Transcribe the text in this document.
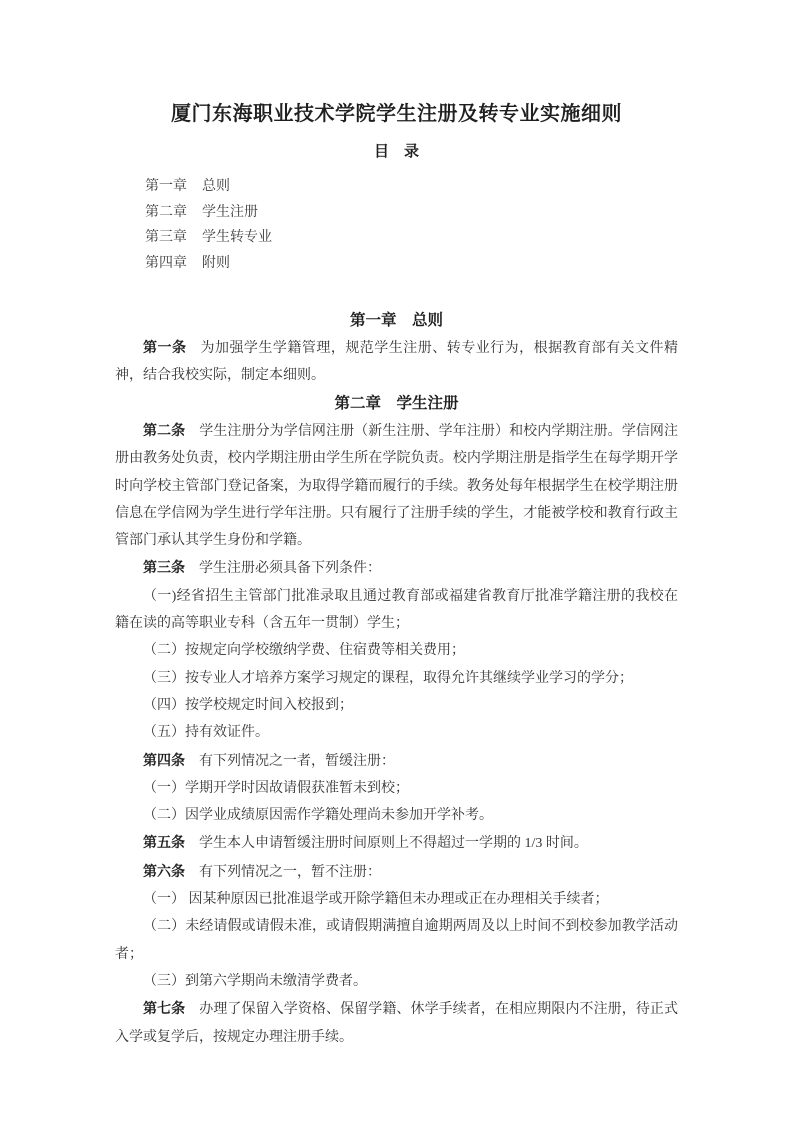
厦门东海职业技术学院学生注册及转专业实施细则
目　录
第一章 总则
第二章 学生注册
第三章 学生转专业
第四章 附则
第一章　总则

第一条 为加强学生学籍管理，规范学生注册、转专业行为，根据教育部有关文件精神，结合我校实际，制定本细则。

第二章　学生注册

第二条 学生注册分为学信网注册（新生注册、学年注册）和校内学期注册。学信网注册由教务处负责，校内学期注册由学生所在学院负责。校内学期注册是指学生在每学期开学时向学校主管部门登记备案，为取得学籍而履行的手续。教务处每年根据学生在校学期注册信息在学信网为学生进行学年注册。只有履行了注册手续的学生，才能被学校和教育行政主管部门承认其学生身份和学籍。

第三条 学生注册必须具备下列条件：

（一)经省招生主管部门批准录取且通过教育部或福建省教育厅批准学籍注册的我校在籍在读的高等职业专科（含五年一贯制）学生；

（二）按规定向学校缴纳学费、住宿费等相关费用；

（三）按专业人才培养方案学习规定的课程，取得允许其继续学业学习的学分；

（四）按学校规定时间入校报到；

（五）持有效证件。

第四条 有下列情况之一者，暂缓注册：

（一）学期开学时因故请假获准暂未到校；

（二）因学业成绩原因需作学籍处理尚未参加开学补考。

第五条 学生本人申请暂缓注册时间原则上不得超过一学期的 1/3 时间。

第六条 有下列情况之一，暂不注册：

（一） 因某种原因已批准退学或开除学籍但未办理或正在办理相关手续者；

（二）未经请假或请假未准，或请假期满擅自逾期两周及以上时间不到校参加教学活动者；

（三）到第六学期尚未缴清学费者。

第七条 办理了保留入学资格、保留学籍、休学手续者，在相应期限内不注册，待正式入学或复学后，按规定办理注册手续。
